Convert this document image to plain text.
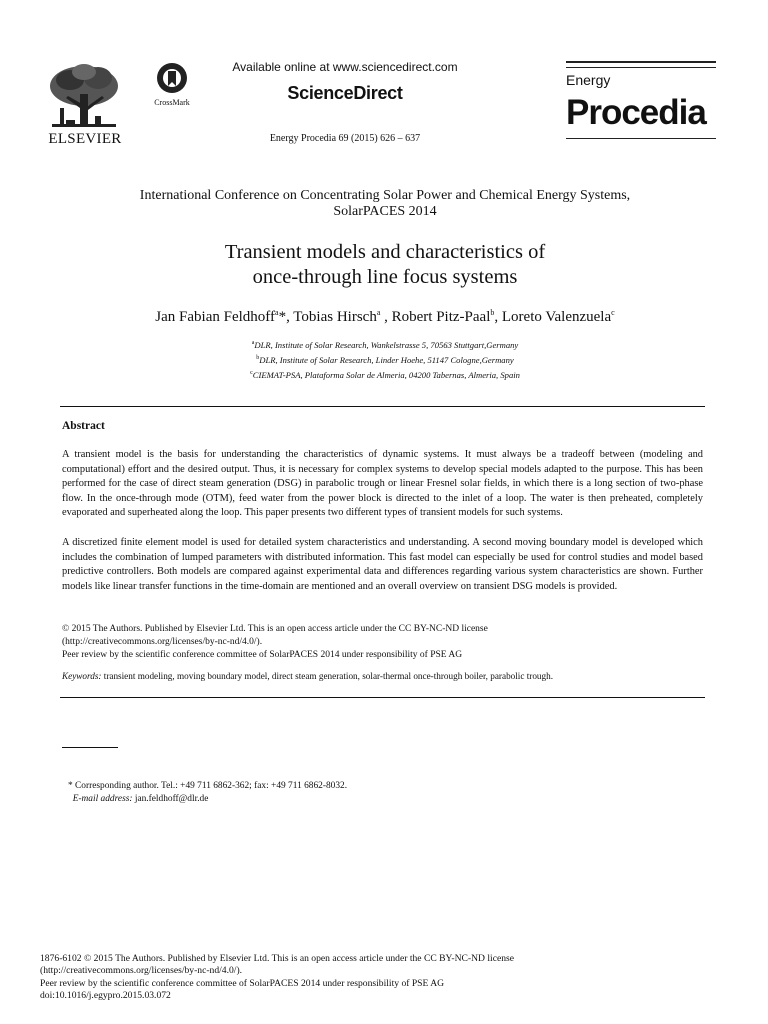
ELSEVIER
CrossMark
Available online at www.sciencedirect.com
ScienceDirect
Energy Procedia 69 (2015) 626 – 637
Energy
Procedia
International Conference on Concentrating Solar Power and Chemical Energy Systems,
SolarPACES 2014
Transient models and characteristics of
once-through line focus systems
Jan Fabian Feldhoff$^a$*, Tobias Hirsch$^a$ , Robert Pitz-Paal$^b$, Loreto Valenzuela$^c$
$^a$DLR, Institute of Solar Research, Wankelstrasse 5, 70563 Stuttgart,Germany
$^b$DLR, Institute of Solar Research, Linder Hoehe, 51147 Cologne,Germany
$^c$CIEMAT-PSA, Plataforma Solar de Almeria, 04200 Tabernas, Almeria, Spain
Abstract
A transient model is the basis for understanding the characteristics of dynamic systems. It must always be a tradeoff between (modeling and computational) effort and the desired output. Thus, it is necessary for complex systems to develop special models adapted to the purpose. This has been performed for the case of direct steam generation (DSG) in parabolic trough or linear Fresnel solar fields, in which there is a long section of two-phase flow. In the once-through mode (OTM), feed water from the power block is directed to the inlet of a loop. The water is then preheated, completely evaporated and superheated along the loop. This paper presents two different types of transient models for such systems.
A discretized finite element model is used for detailed system characteristics and understanding. A second moving boundary model is developed which includes the combination of lumped parameters with distributed information. This fast model can especially be used for control studies and model based predictive controllers. Both models are compared against experimental data and differences regarding various system characteristics are shown. Further models like linear transfer functions in the time-domain are mentioned and an overall overview on transient DSG models is provided.
© 2015 The Authors. Published by Elsevier Ltd. This is an open access article under the CC BY-NC-ND license
(http://creativecommons.org/licenses/by-nc-nd/4.0/).
Peer review by the scientific conference committee of SolarPACES 2014 under responsibility of PSE AG
Keywords: transient modeling, moving boundary model, direct steam generation, solar-thermal once-through boiler, parabolic trough.
* Corresponding author. Tel.: +49 711 6862-362; fax: +49 711 6862-8032.
E-mail address: jan.feldhoff@dlr.de
1876-6102 © 2015 The Authors. Published by Elsevier Ltd. This is an open access article under the CC BY-NC-ND license
(http://creativecommons.org/licenses/by-nc-nd/4.0/).
Peer review by the scientific conference committee of SolarPACES 2014 under responsibility of PSE AG
doi:10.1016/j.egypro.2015.03.072
